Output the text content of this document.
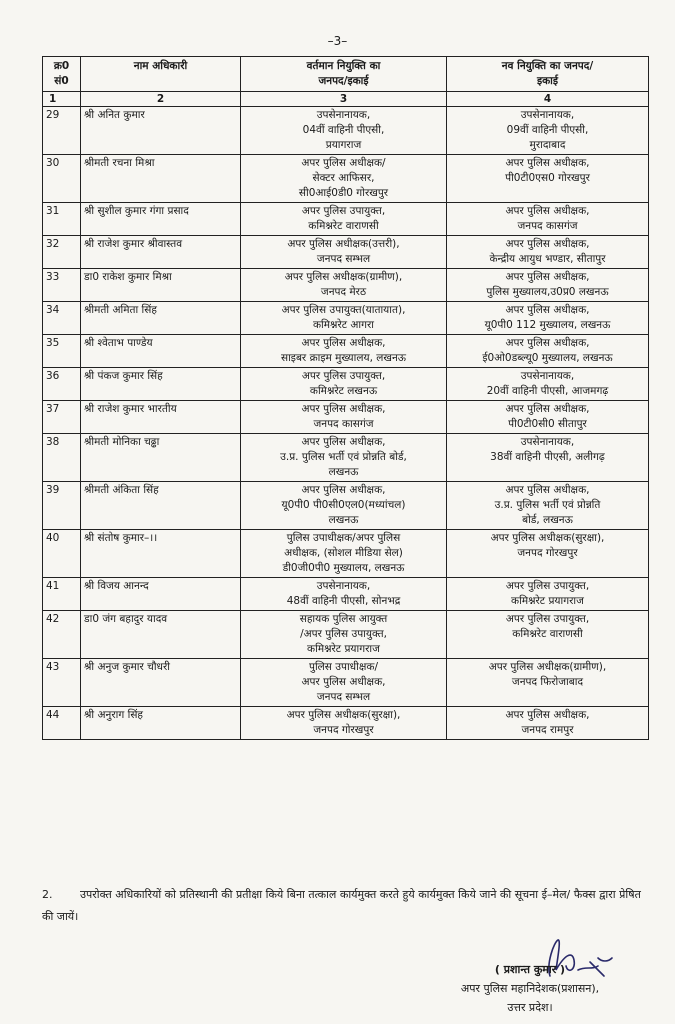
–3–
क्र0
सं0	नाम अधिकारी	वर्तमान नियुक्ति का
जनपद/इकाई	नव नियुक्ति का जनपद/
इकाई

1	2	3	4
29	श्री अनित कुमार	उपसेनानायक,
04वीं वाहिनी पीएसी,
प्रयागराज	उपसेनानायक,
09वीं वाहिनी पीएसी,
मुरादाबाद

30	श्रीमती रचना मिश्रा	अपर पुलिस अधीक्षक/
सेक्टर आफिसर,
सी0आई0डी0 गोरखपुर	अपर पुलिस अधीक्षक,
पी0टी0एस0 गोरखपुर

31	श्री सुशील कुमार गंगा प्रसाद	अपर पुलिस उपायुक्त,
कमिश्नरेट वाराणसी	अपर पुलिस अधीक्षक,
जनपद कासगंज

32	श्री राजेश कुमार श्रीवास्तव	अपर पुलिस अधीक्षक(उत्तरी),
जनपद सम्भल	अपर पुलिस अधीक्षक,
केन्द्रीय आयुध भण्डार, सीतापुर

33	डा0 राकेश कुमार मिश्रा	अपर पुलिस अधीक्षक(ग्रामीण),
जनपद मेरठ	अपर पुलिस अधीक्षक,
पुलिस मुख्यालय,उ0प्र0 लखनऊ

34	श्रीमती अमिता सिंह	अपर पुलिस उपायुक्त(यातायात),
कमिश्नरेट आगरा	अपर पुलिस अधीक्षक,
यू0पी0 112 मुख्यालय, लखनऊ

35	श्री श्वेताभ पाण्डेय	अपर पुलिस अधीक्षक,
साइबर क्राइम मुख्यालय, लखनऊ	अपर पुलिस अधीक्षक,
ई0ओ0डब्ल्यू0 मुख्यालय, लखनऊ

36	श्री पंकज कुमार सिंह	अपर पुलिस उपायुक्त,
कमिश्नरेट लखनऊ	उपसेनानायक,
20वीं वाहिनी पीएसी, आजमगढ़

37	श्री राजेश कुमार भारतीय	अपर पुलिस अधीक्षक,
जनपद कासगंज	अपर पुलिस अधीक्षक,
पी0टी0सी0 सीतापुर

38	श्रीमती मोनिका चढ्ढा	अपर पुलिस अधीक्षक,
उ.प्र. पुलिस भर्ती एवं प्रोन्नति बोर्ड,
लखनऊ	उपसेनानायक,
38वीं वाहिनी पीएसी, अलीगढ़

39	श्रीमती अंकिता सिंह	अपर पुलिस अधीक्षक,
यू0पी0 पी0सी0एल0(मध्यांचल)
लखनऊ	अपर पुलिस अधीक्षक,
उ.प्र. पुलिस भर्ती एवं प्रोन्नति
बोर्ड, लखनऊ

40	श्री संतोष कुमार–।।	पुलिस उपाधीक्षक/अपर पुलिस
अधीक्षक, (सोशल मीडिया सेल)
डी0जी0पी0 मुख्यालय, लखनऊ	अपर पुलिस अधीक्षक(सुरक्षा),
जनपद गोरखपुर

41	श्री विजय आनन्द	उपसेनानायक,
48वीं वाहिनी पीएसी, सोनभद्र	अपर पुलिस उपायुक्त,
कमिश्नरेट प्रयागराज

42	डा0 जंग बहादुर यादव	सहायक पुलिस आयुक्त
/अपर पुलिस उपायुक्त,
कमिश्नरेट प्रयागराज	अपर पुलिस उपायुक्त,
कमिश्नरेट वाराणसी

43	श्री अनुज कुमार चौधरी	पुलिस उपाधीक्षक/
अपर पुलिस अधीक्षक,
जनपद सम्भल	अपर पुलिस अधीक्षक(ग्रामीण),
जनपद फिरोजाबाद

44	श्री अनुराग सिंह	अपर पुलिस अधीक्षक(सुरक्षा),
जनपद गोरखपुर	अपर पुलिस अधीक्षक,
जनपद रामपुर
2.	उपरोक्त अधिकारियों को प्रतिस्थानी की प्रतीक्षा किये बिना तत्काल कार्यमुक्त करते हुये कार्यमुक्त किये जाने की सूचना ई–मेल/ फैक्स द्वारा प्रेषित की जायें।
( प्रशान्त कुमार )
अपर पुलिस महानिदेशक(प्रशासन),
उत्तर प्रदेश।
